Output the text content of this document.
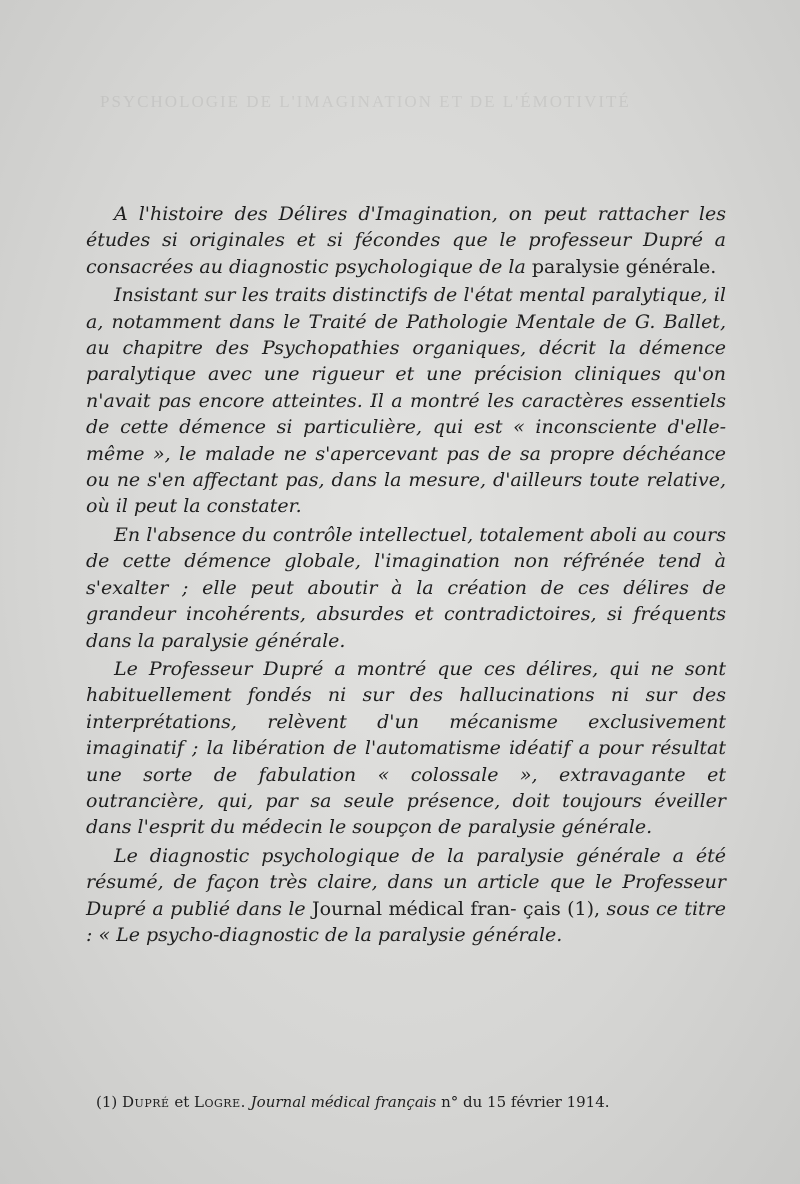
PSYCHOLOGIE DE L'IMAGINATION ET DE L'ÉMOTIVITÉ

A l'histoire des Délires d'Imagination, on peut rattacher les études si originales et si fécondes que le professeur Dupré a consacrées au diagnostic psychologique de la paralysie générale.

Insistant sur les traits distinctifs de l'état mental paralytique, il a, notamment dans le Traité de Pathologie Mentale de G. Ballet, au chapitre des Psychopathies organiques, décrit la démence paralytique avec une rigueur et une précision cliniques qu'on n'avait pas encore atteintes. Il a montré les caractères essentiels de cette démence si particulière, qui est « inconsciente d'elle-même », le malade ne s'apercevant pas de sa propre déchéance ou ne s'en affectant pas, dans la mesure, d'ailleurs toute relative, où il peut la constater.

En l'absence du contrôle intellectuel, totalement aboli au cours de cette démence globale, l'imagination non réfrénée tend à s'exalter ; elle peut aboutir à la création de ces délires de grandeur incohérents, absurdes et contradictoires, si fréquents dans la paralysie générale.

Le Professeur Dupré a montré que ces délires, qui ne sont habituellement fondés ni sur des hallucinations ni sur des interprétations, relèvent d'un mécanisme exclusivement imaginatif ; la libération de l'automatisme idéatif a pour résultat une sorte de fabulation « colossale », extravagante et outrancière, qui, par sa seule présence, doit toujours éveiller dans l'esprit du médecin le soupçon de paralysie générale.

Le diagnostic psychologique de la paralysie générale a été résumé, de façon très claire, dans un article que le Professeur Dupré a publié dans le Journal médical fran- çais (1), sous ce titre : « Le psycho-diagnostic de la paralysie générale.

(1) Dupré et Logre. Journal médical français n° du 15 février 1914.
